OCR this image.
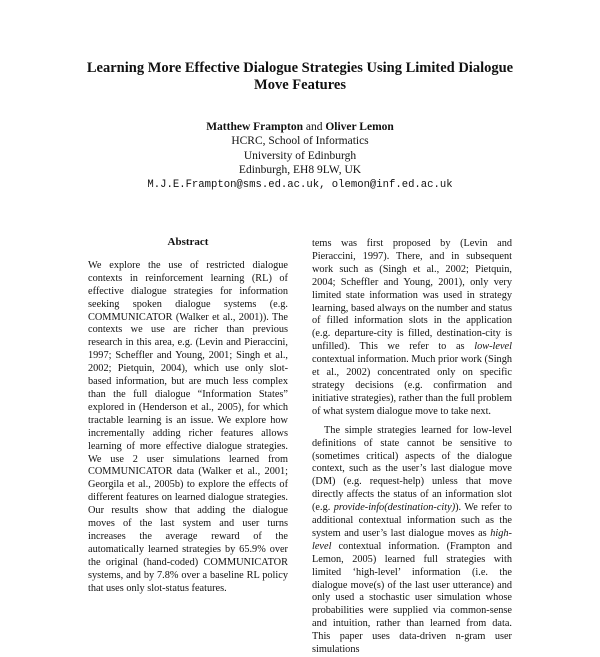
Learning More Effective Dialogue Strategies Using Limited Dialogue
Move Features
Matthew Frampton and Oliver Lemon
HCRC, School of Informatics
University of Edinburgh
Edinburgh, EH8 9LW, UK
M.J.E.Frampton@sms.ed.ac.uk, olemon@inf.ed.ac.uk
Abstract

We explore the use of restricted dialogue contexts in reinforcement learning (RL) of effective dialogue strategies for information seeking spoken dialogue systems (e.g. COMMUNICATOR (Walker et al., 2001)). The contexts we use are richer than previous research in this area, e.g. (Levin and Pieraccini, 1997; Scheffler and Young, 2001; Singh et al., 2002; Pietquin, 2004), which use only slot-based information, but are much less complex than the full dialogue “Information States” explored in (Henderson et al., 2005), for which tractable learning is an issue. We explore how incrementally adding richer features allows learning of more effective dialogue strategies. We use 2 user simulations learned from COMMUNICATOR data (Walker et al., 2001; Georgila et al., 2005b) to explore the effects of different features on learned dialogue strategies. Our results show that adding the dialogue moves of the last system and user turns increases the average reward of the automatically learned strategies by 65.9% over the original (hand-coded) COMMUNICATOR systems, and by 7.8% over a baseline RL policy that uses only slot-status features.

tems was first proposed by (Levin and Pieraccini, 1997). There, and in subsequent work such as (Singh et al., 2002; Pietquin, 2004; Scheffler and Young, 2001), only very limited state information was used in strategy learning, based always on the number and status of filled information slots in the application (e.g. departure-city is filled, destination-city is unfilled). This we refer to as low-level contextual information. Much prior work (Singh et al., 2002) concentrated only on specific strategy decisions (e.g. confirmation and initiative strategies), rather than the full problem of what system dialogue move to take next.

The simple strategies learned for low-level definitions of state cannot be sensitive to (sometimes critical) aspects of the dialogue context, such as the user’s last dialogue move (DM) (e.g. request-help) unless that move directly affects the status of an information slot (e.g. provide-info(destination-city)). We refer to additional contextual information such as the system and user’s last dialogue moves as high-level contextual information. (Frampton and Lemon, 2005) learned full strategies with limited ‘high-level’ information (i.e. the dialogue move(s) of the last user utterance) and only used a stochastic user simulation whose probabilities were supplied via common-sense and intuition, rather than learned from data. This paper uses data-driven n-gram user simulations
